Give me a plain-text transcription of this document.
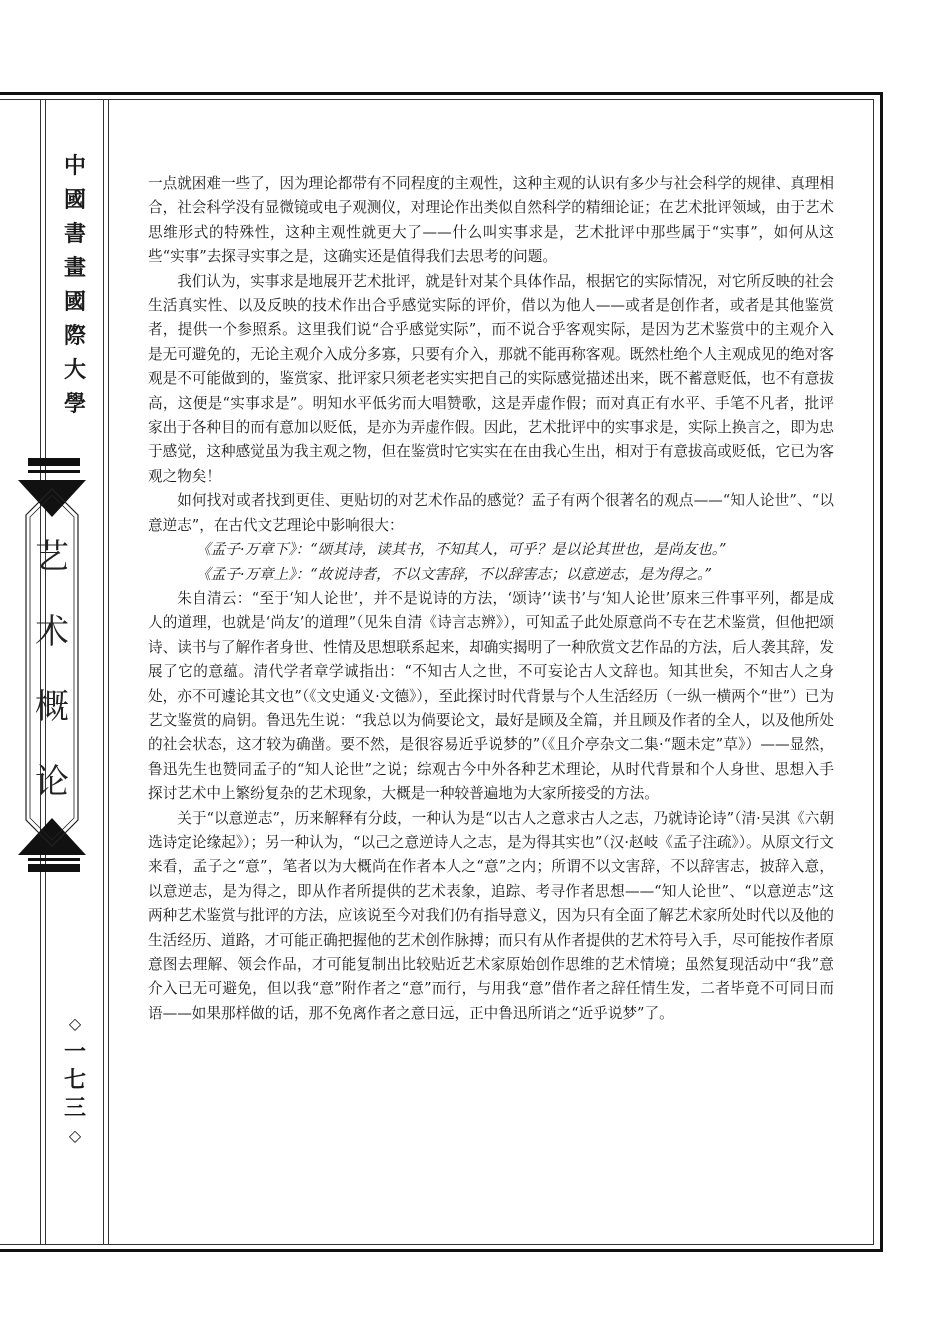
中
國
書
畫
國
際
大
學
艺
术
概
论
◇
一
七
三
◇

一点就困难一些了，因为理论都带有不同程度的主观性，这种主观的认识有多少与社会科学的规律、真理相合，社会科学没有显微镜或电子观测仪，对理论作出类似自然科学的精细论证；在艺术批评领域，由于艺术思维形式的特殊性，这种主观性就更大了——什么叫实事求是，艺术批评中那些属于“实事”，如何从这些“实事”去探寻实事之是，这确实还是值得我们去思考的问题。

我们认为，实事求是地展开艺术批评，就是针对某个具体作品，根据它的实际情况，对它所反映的社会生活真实性、以及反映的技术作出合乎感觉实际的评价，借以为他人——或者是创作者，或者是其他鉴赏者，提供一个参照系。这里我们说“合乎感觉实际”，而不说合乎客观实际，是因为艺术鉴赏中的主观介入是无可避免的，无论主观介入成分多寡，只要有介入，那就不能再称客观。既然杜绝个人主观成见的绝对客观是不可能做到的，鉴赏家、批评家只须老老实实把自己的实际感觉描述出来，既不蓄意贬低，也不有意拔高，这便是“实事求是”。明知水平低劣而大唱赞歌，这是弄虚作假；而对真正有水平、手笔不凡者，批评家出于各种目的而有意加以贬低，是亦为弄虚作假。因此，艺术批评中的实事求是，实际上换言之，即为忠于感觉，这种感觉虽为我主观之物，但在鉴赏时它实实在在由我心生出，相对于有意拔高或贬低，它已为客观之物矣！

如何找对或者找到更佳、更贴切的对艺术作品的感觉？孟子有两个很著名的观点——“知人论世”、“以意逆志”，在古代文艺理论中影响很大：

《孟子·万章下》：“颂其诗，读其书，不知其人，可乎？是以论其世也，是尚友也。”

《孟子·万章上》：“故说诗者，不以文害辞，不以辞害志；以意逆志，是为得之。”

朱自清云：“至于‘知人论世’，并不是说诗的方法，‘颂诗’‘读书’与‘知人论世’原来三件事平列，都是成人的道理，也就是‘尚友’的道理”（见朱自清《诗言志辨》），可知孟子此处原意尚不专在艺术鉴赏，但他把颂诗、读书与了解作者身世、性情及思想联系起来，却确实揭明了一种欣赏文艺作品的方法，后人袭其辞，发展了它的意蕴。清代学者章学诚指出：“不知古人之世，不可妄论古人文辞也。知其世矣，不知古人之身处，亦不可遽论其文也”（《文史通义·文德》），至此探讨时代背景与个人生活经历（一纵一横两个“世”）已为艺文鉴赏的扃钥。鲁迅先生说：“我总以为倘要论文，最好是顾及全篇，并且顾及作者的全人，以及他所处的社会状态，这才较为确凿。要不然，是很容易近乎说梦的”（《且介亭杂文二集·“题未定”草》）——显然，鲁迅先生也赞同孟子的“知人论世”之说；综观古今中外各种艺术理论，从时代背景和个人身世、思想入手探讨艺术中上繁纷复杂的艺术现象，大概是一种较普遍地为大家所接受的方法。

关于“以意逆志”，历来解释有分歧，一种认为是“以古人之意求古人之志，乃就诗论诗”（清·吴淇《六朝选诗定论缘起》）；另一种认为，“以己之意逆诗人之志，是为得其实也”（汉·赵岐《孟子注疏》）。从原文行文来看，孟子之“意”，笔者以为大概尚在作者本人之“意”之内；所谓不以文害辞，不以辞害志，披辞入意，以意逆志，是为得之，即从作者所提供的艺术表象，追踪、考寻作者思想——“知人论世”、“以意逆志”这两种艺术鉴赏与批评的方法，应该说至今对我们仍有指导意义，因为只有全面了解艺术家所处时代以及他的生活经历、道路，才可能正确把握他的艺术创作脉搏；而只有从作者提供的艺术符号入手，尽可能按作者原意图去理解、领会作品，才可能复制出比较贴近艺术家原始创作思维的艺术情境；虽然复现活动中“我”意介入已无可避免，但以我“意”附作者之“意”而行，与用我“意”借作者之辞任情生发，二者毕竟不可同日而语——如果那样做的话，那不免离作者之意日远，正中鲁迅所诮之“近乎说梦”了。
